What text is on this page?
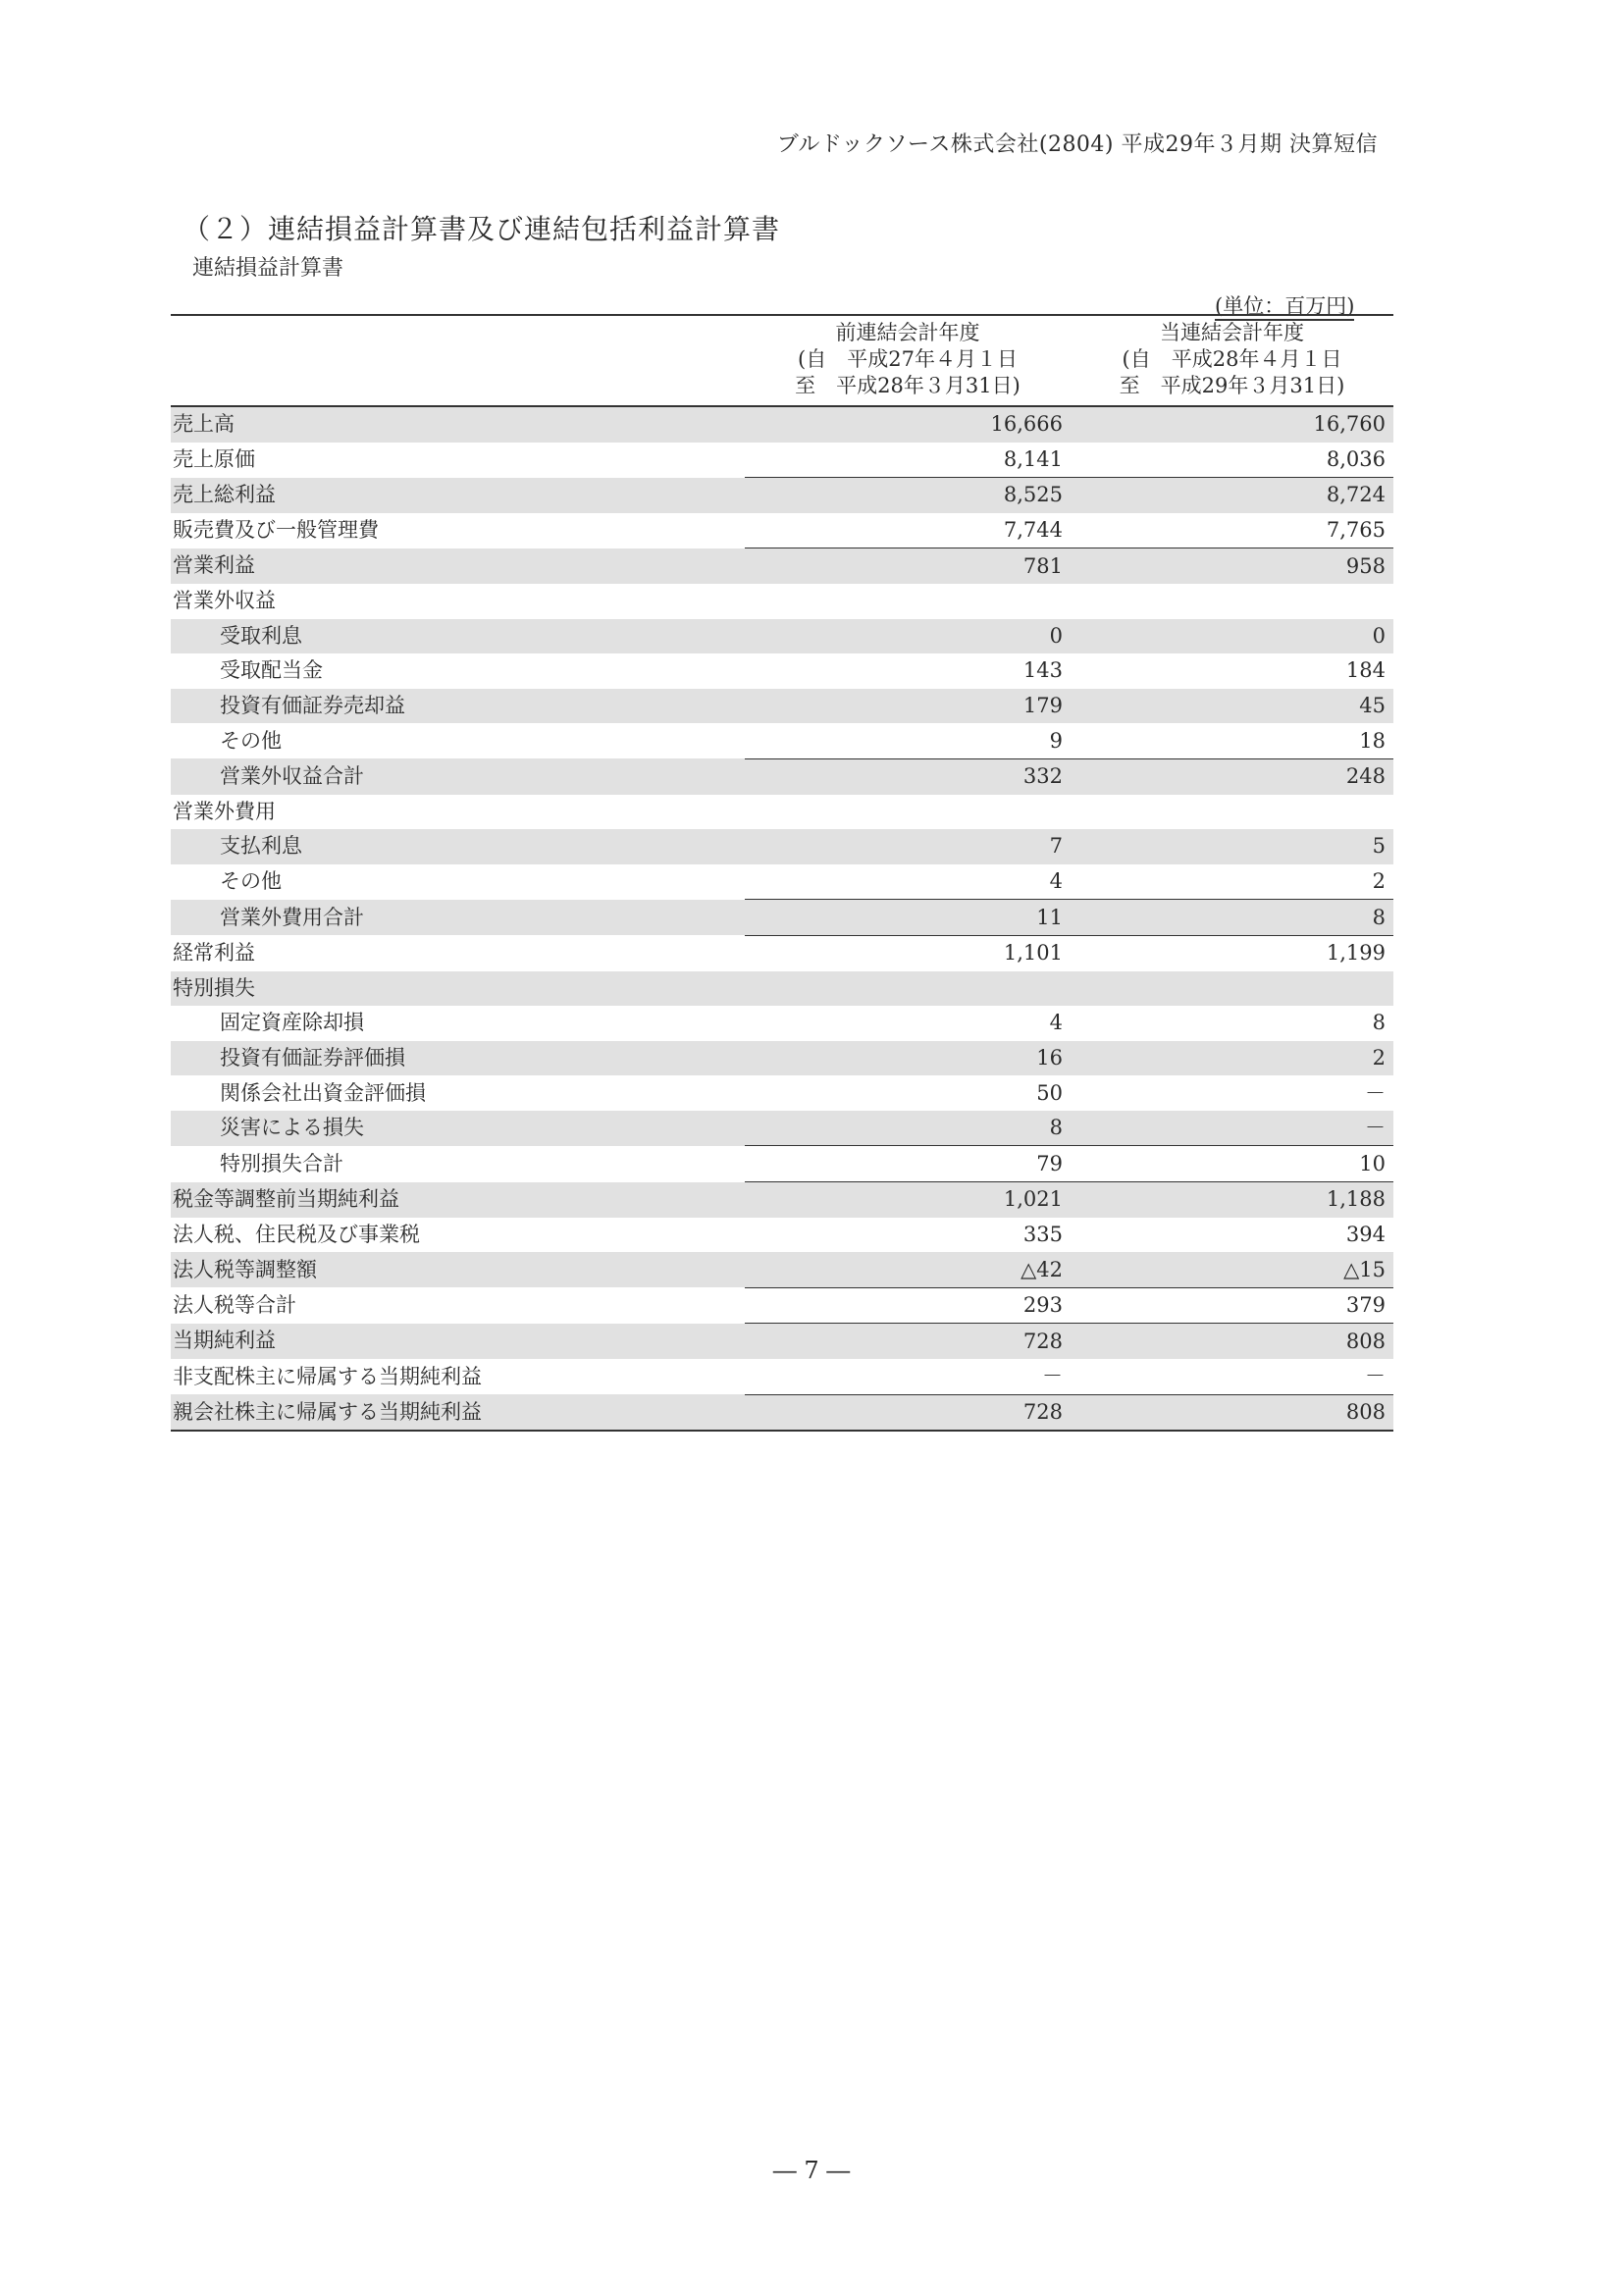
ブルドックソース株式会社(2804) 平成29年３月期 決算短信
（２）連結損益計算書及び連結包括利益計算書
連結損益計算書
(単位：百万円)

	前連結会計年度
(自　平成27年４月１日
至　平成28年３月31日)	当連結会計年度
(自　平成28年４月１日
至　平成29年３月31日)

売上高	16,666	16,760
売上原価	8,141	8,036
売上総利益	8,525	8,724
販売費及び一般管理費	7,744	7,765
営業利益	781	958
営業外収益		
受取利息	0	0
受取配当金	143	184
投資有価証券売却益	179	45
その他	9	18
営業外収益合計	332	248
営業外費用		
支払利息	7	5
その他	4	2
営業外費用合計	11	8
経常利益	1,101	1,199
特別損失		
固定資産除却損	4	8
投資有価証券評価損	16	2
関係会社出資金評価損	50	－
災害による損失	8	－
特別損失合計	79	10
税金等調整前当期純利益	1,021	1,188
法人税、住民税及び事業税	335	394
法人税等調整額	△42	△15
法人税等合計	293	379
当期純利益	728	808
非支配株主に帰属する当期純利益	－	－
親会社株主に帰属する当期純利益	728	808
― 7 ―
